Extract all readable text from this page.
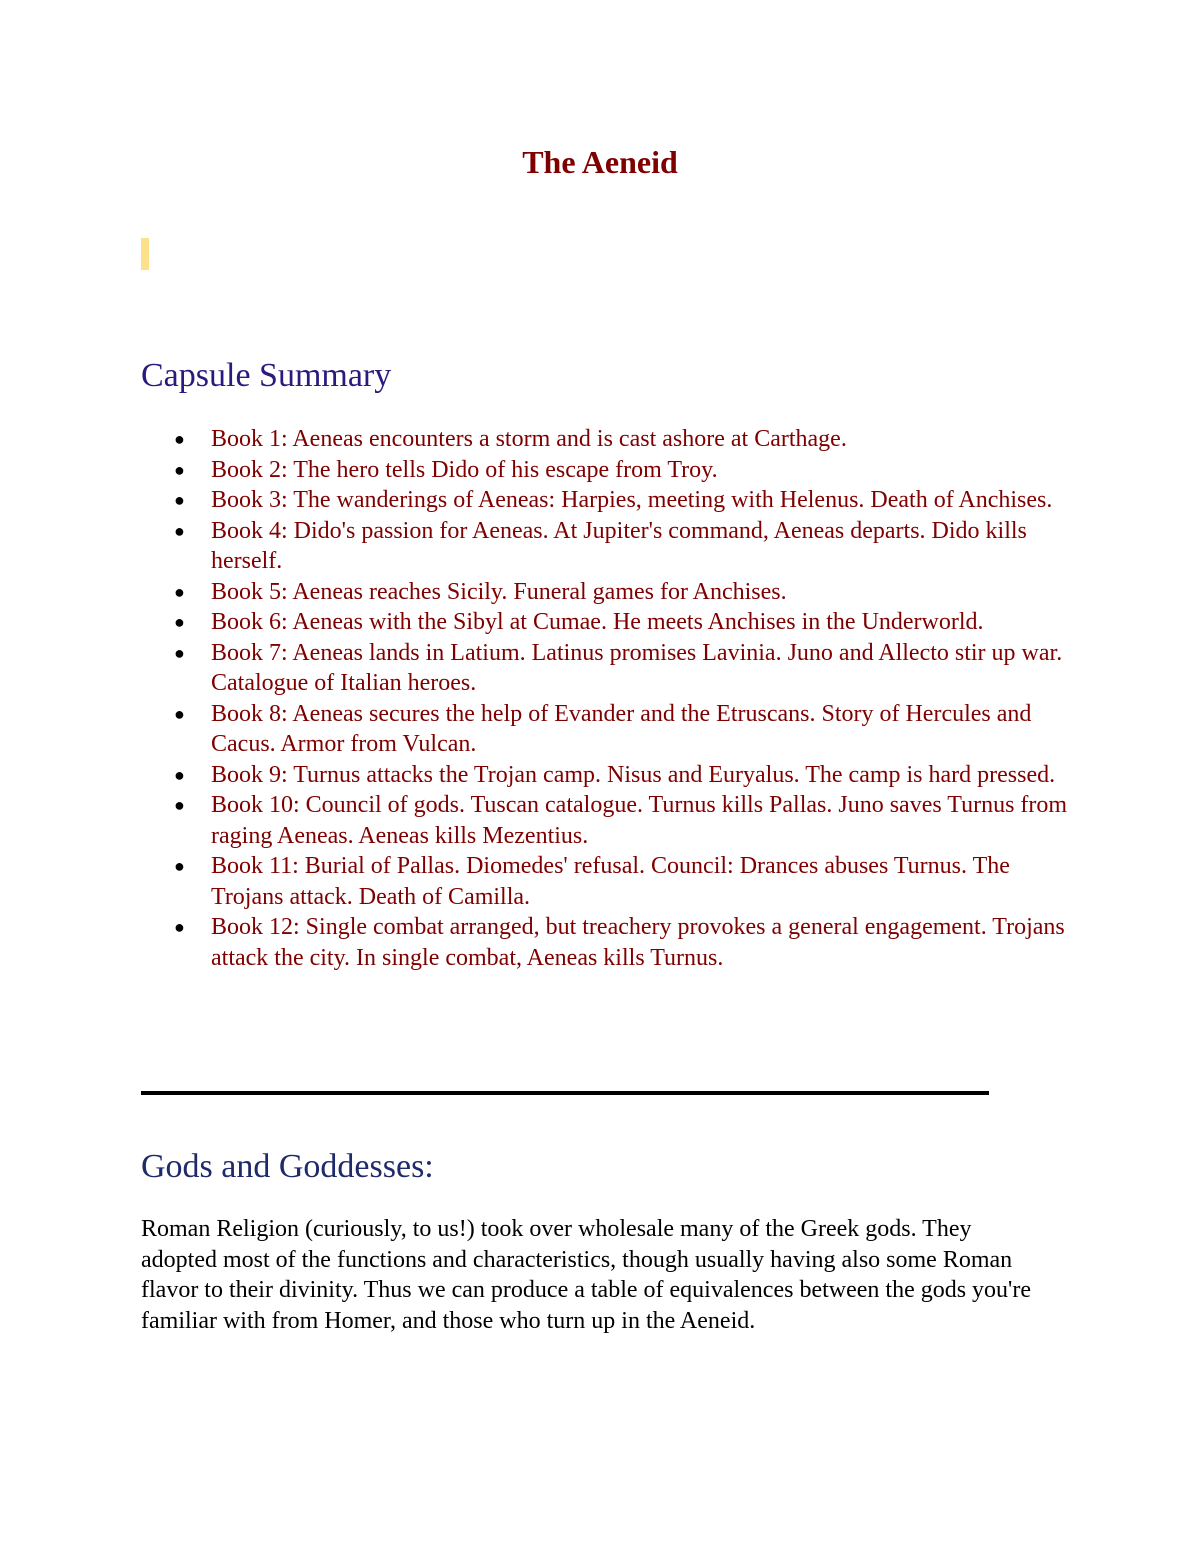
The Aeneid
Capsule Summary
● Book 1: Aeneas encounters a storm and is cast ashore at Carthage.
● Book 2: The hero tells Dido of his escape from Troy.
● Book 3: The wanderings of Aeneas: Harpies, meeting with Helenus. Death of Anchises.
● Book 4: Dido's passion for Aeneas. At Jupiter's command, Aeneas departs. Dido kills herself.
● Book 5: Aeneas reaches Sicily. Funeral games for Anchises.
● Book 6: Aeneas with the Sibyl at Cumae. He meets Anchises in the Underworld.
● Book 7: Aeneas lands in Latium. Latinus promises Lavinia. Juno and Allecto stir up war. Catalogue of Italian heroes.
● Book 8: Aeneas secures the help of Evander and the Etruscans. Story of Hercules and Cacus. Armor from Vulcan.
● Book 9: Turnus attacks the Trojan camp. Nisus and Euryalus. The camp is hard pressed.
● Book 10: Council of gods. Tuscan catalogue. Turnus kills Pallas. Juno saves Turnus from raging Aeneas. Aeneas kills Mezentius.
● Book 11: Burial of Pallas. Diomedes' refusal. Council: Drances abuses Turnus. The Trojans attack. Death of Camilla.
● Book 12: Single combat arranged, but treachery provokes a general engagement. Trojans attack the city. In single combat, Aeneas kills Turnus.
Gods and Goddesses:

Roman Religion (curiously, to us!) took over wholesale many of the Greek gods. They adopted most of the functions and characteristics, though usually having also some Roman flavor to their divinity. Thus we can produce a table of equivalences between the gods you're familiar with from Homer, and those who turn up in the Aeneid.
